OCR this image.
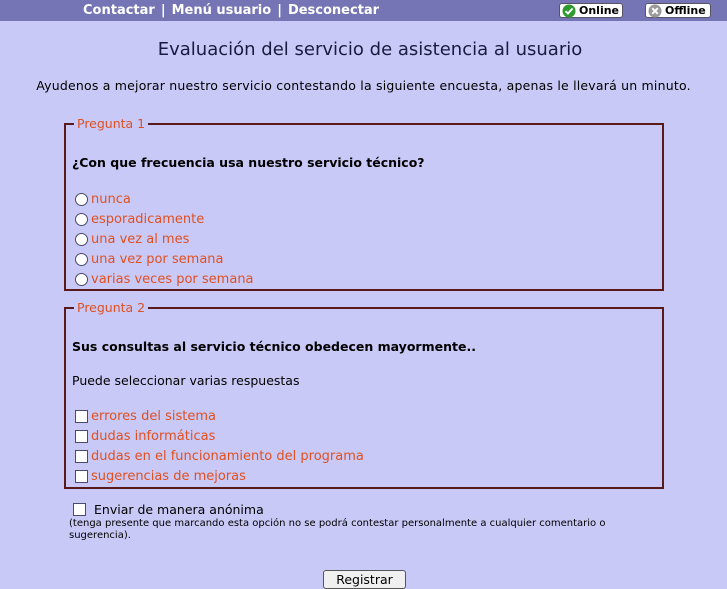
Contactar | Menú usuario | Desconectar	Online	Offline
Evaluación del servicio de asistencia al usuario
Ayudenos a mejorar nuestro servicio contestando la siguiente encuesta, apenas le llevará un minuto.
Pregunta 1
¿Con que frecuencia usa nuestro servicio técnico?
nunca
esporadicamente
una vez al mes
una vez por semana
varias veces por semana
Pregunta 2
Sus consultas al servicio técnico obedecen mayormente..
Puede seleccionar varias respuestas
errores del sistema
dudas informáticas
dudas en el funcionamiento del programa
sugerencias de mejoras
Enviar de manera anónima
(tenga presente que marcando esta opción no se podrá contestar personalmente a cualquier comentario o sugerencia).
Registrar
